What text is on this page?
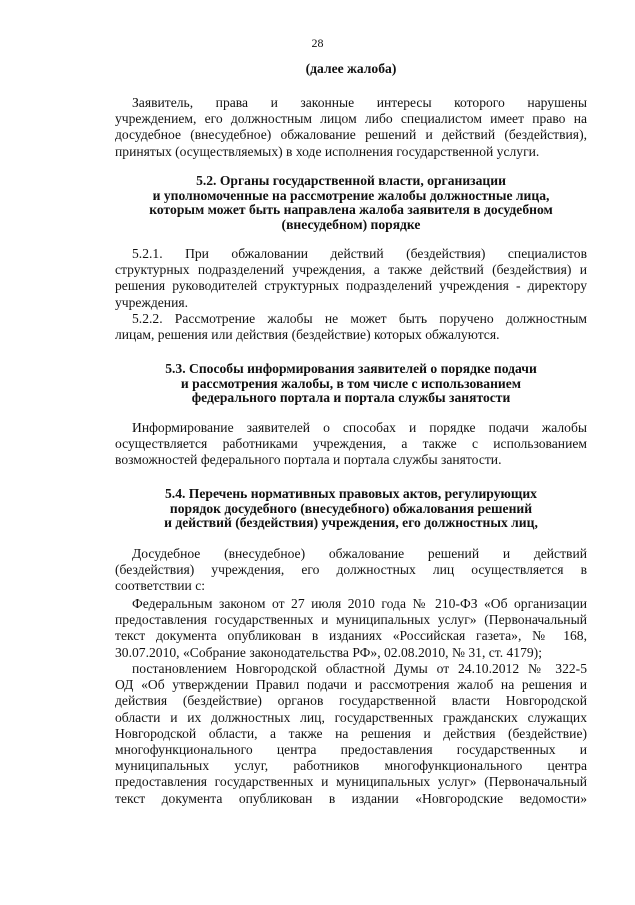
28
(далее жалоба)
Заявитель, права и законные интересы которого нарушены
учреждением, его должностным лицом либо специалистом имеет право на
досудебное (внесудебное) обжалование решений и действий (бездействия),
принятых (осуществляемых) в ходе исполнения государственной услуги.
5.2. Органы государственной власти, организации
и уполномоченные на рассмотрение жалобы должностные лица,
которым может быть направлена жалоба заявителя в досудебном
(внесудебном) порядке
5.2.1. При обжаловании действий (бездействия) специалистов
структурных подразделений учреждения, а также действий (бездействия) и
решения руководителей структурных подразделений учреждения - директору
учреждения.
5.2.2. Рассмотрение жалобы не может быть поручено должностным
лицам, решения или действия (бездействие) которых обжалуются.
5.3. Способы информирования заявителей о порядке подачи
и рассмотрения жалобы, в том числе с использованием
федерального портала и портала службы занятости
Информирование заявителей о способах и порядке подачи жалобы
осуществляется работниками учреждения, а также с использованием
возможностей федерального портала и портала службы занятости.
5.4. Перечень нормативных правовых актов, регулирующих
порядок досудебного (внесудебного) обжалования решений
и действий (бездействия) учреждения, его должностных лиц,
Досудебное (внесудебное) обжалование решений и действий
(бездействия) учреждения, его должностных лиц осуществляется в
соответствии с:
Федеральным законом от 27 июля 2010 года № 210-ФЗ «Об организации
предоставления государственных и муниципальных услуг» (Первоначальный
текст документа опубликован в изданиях «Российская газета», № 168,
30.07.2010, «Собрание законодательства РФ», 02.08.2010, № 31, ст. 4179);
постановлением Новгородской областной Думы от 24.10.2012 № 322-5
ОД «Об утверждении Правил подачи и рассмотрения жалоб на решения и
действия (бездействие) органов государственной власти Новгородской
области и их должностных лиц, государственных гражданских служащих
Новгородской области, а также на решения и действия (бездействие)
многофункционального центра предоставления государственных и
муниципальных услуг, работников многофункционального центра
предоставления государственных и муниципальных услуг» (Первоначальный
текст документа опубликован в издании «Новгородские ведомости»
